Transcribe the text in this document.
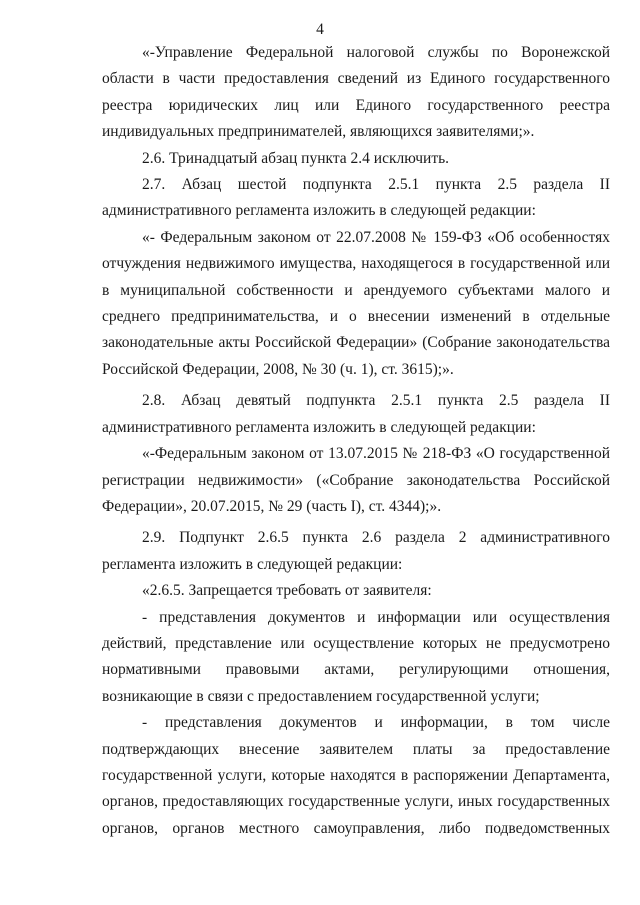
4

«-Управление Федеральной налоговой службы по Воронежской области в части предоставления сведений из Единого государственного реестра юридических лиц или Единого государственного реестра индивидуальных предпринимателей, являющихся заявителями;».

2.6. Тринадцатый абзац пункта 2.4 исключить.

2.7. Абзац шестой подпункта 2.5.1 пункта 2.5 раздела II административного регламента изложить в следующей редакции:

«- Федеральным законом от 22.07.2008 № 159-ФЗ «Об особенностях отчуждения недвижимого имущества, находящегося в государственной или в муниципальной собственности и арендуемого субъектами малого и среднего предпринимательства, и о внесении изменений в отдельные законодательные акты Российской Федерации» (Собрание законодательства Российской Федерации, 2008, № 30 (ч. 1), ст. 3615);».

2.8. Абзац девятый подпункта 2.5.1 пункта 2.5 раздела II административного регламента изложить в следующей редакции:

«-Федеральным законом от 13.07.2015 № 218-ФЗ «О государственной регистрации недвижимости» («Собрание законодательства Российской Федерации», 20.07.2015, № 29 (часть I), ст. 4344);».

2.9. Подпункт 2.6.5 пункта 2.6 раздела 2 административного регламента изложить в следующей редакции:

«2.6.5. Запрещается требовать от заявителя:

- представления документов и информации или осуществления действий, представление или осуществление которых не предусмотрено нормативными правовыми актами, регулирующими отношения, возникающие в связи с предоставлением государственной услуги;

- представления документов и информации, в том числе подтверждающих внесение заявителем платы за предоставление государственной услуги, которые находятся в распоряжении Департамента, органов, предоставляющих государственные услуги, иных государственных органов, органов местного самоуправления, либо подведомственных
